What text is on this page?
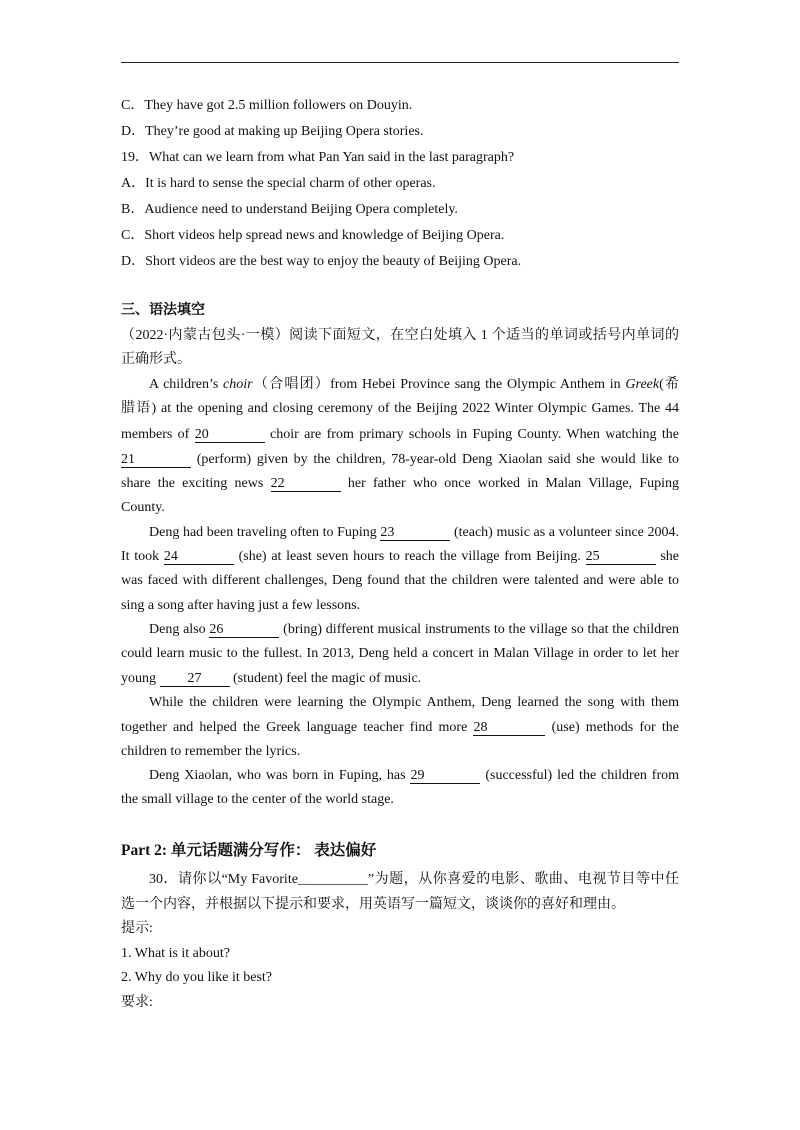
C．They have got 2.5 million followers on Douyin.
D．They’re good at making up Beijing Opera stories.
19．What can we learn from what Pan Yan said in the last paragraph?
A．It is hard to sense the special charm of other operas.
B．Audience need to understand Beijing Opera completely.
C．Short videos help spread news and knowledge of Beijing Opera.
D．Short videos are the best way to enjoy the beauty of Beijing Opera.
三、语法填空
（2022·内蒙古包头·一模）阅读下面短文，在空白处填入 1 个适当的单词或括号内单词的
正确形式。
A children’s choir（合唱团）from Hebei Province sang the Olympic Anthem in Greek(希
腊语) at the opening and closing ceremony of the Beijing 2022 Winter Olympic Games. The 44
members of 20	choir are from primary schools in Fuping County. When watching the
21	(perform) given by the children, 78-year-old Deng Xiaolan said she would like to
share the exciting news 22	her father who once worked in Malan Village, Fuping
County.
Deng had been traveling often to Fuping 23	(teach) music as a volunteer since 2004.
It took 24	(she) at least seven hours to reach the village from Beijing. 25	she
was faced with different challenges, Deng found that the children were talented and were able to
sing a song after having just a few lessons.
Deng also 26	(bring) different musical instruments to the village so that the children
could learn music to the fullest. In 2013, Deng held a concert in Malan Village in order to let her
young 27 (student) feel the magic of music.
While the children were learning the Olympic Anthem, Deng learned the song with them
together and helped the Greek language teacher find more 28	(use) methods for the
children to remember the lyrics.
Deng Xiaolan, who was born in Fuping, has 29	(successful) led the children from
the small village to the center of the world stage.
Part 2: 单元话题满分写作： 表达偏好
30．请你以“My Favorite__________”为题，从你喜爱的电影、歌曲、电视节目等中任
选一个内容，并根据以下提示和要求，用英语写一篇短文，谈谈你的喜好和理由。
提示:
1. What is it about?
2. Why do you like it best?
要求:
